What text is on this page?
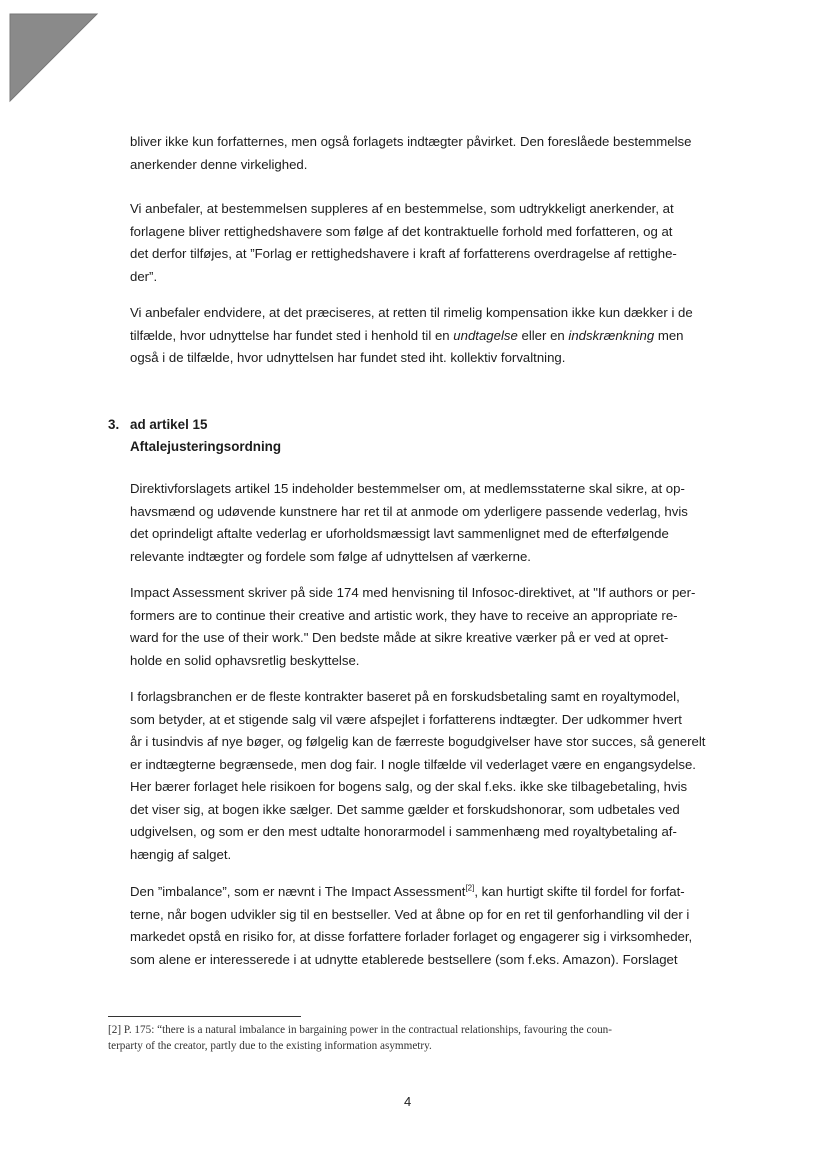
bliver ikke kun forfatternes, men også forlagets indtægter påvirket. Den foreslåede bestemmelse
anerkender denne virkelighed.
Vi anbefaler, at bestemmelsen suppleres af en bestemmelse, som udtrykkeligt anerkender, at
forlagene bliver rettighedshavere som følge af det kontraktuelle forhold med forfatteren, og at
det derfor tilføjes, at ”Forlag er rettighedshavere i kraft af forfatterens overdragelse af rettighe-
der”.
Vi anbefaler endvidere, at det præciseres, at retten til rimelig kompensation ikke kun dækker i de
tilfælde, hvor udnyttelse har fundet sted i henhold til en undtagelse eller en indskrænkning men
også i de tilfælde, hvor udnyttelsen har fundet sted iht. kollektiv forvaltning.
3. ad artikel 15
Aftalejusteringsordning
Direktivforslagets artikel 15 indeholder bestemmelser om, at medlemsstaterne skal sikre, at op-
havsmænd og udøvende kunstnere har ret til at anmode om yderligere passende vederlag, hvis
det oprindeligt aftalte vederlag er uforholdsmæssigt lavt sammenlignet med de efterfølgende
relevante indtægter og fordele som følge af udnyttelsen af værkerne.
Impact Assessment skriver på side 174 med henvisning til Infosoc-direktivet, at "If authors or per-
formers are to continue their creative and artistic work, they have to receive an appropriate re-
ward for the use of their work." Den bedste måde at sikre kreative værker på er ved at opret-
holde en solid ophavsretlig beskyttelse.
I forlagsbranchen er de fleste kontrakter baseret på en forskudsbetaling samt en royaltymodel,
som betyder, at et stigende salg vil være afspejlet i forfatterens indtægter. Der udkommer hvert
år i tusindvis af nye bøger, og følgelig kan de færreste bogudgivelser have stor succes, så generelt
er indtægterne begrænsede, men dog fair. I nogle tilfælde vil vederlaget være en engangsydelse.
Her bærer forlaget hele risikoen for bogens salg, og der skal f.eks. ikke ske tilbagebetaling, hvis
det viser sig, at bogen ikke sælger. Det samme gælder et forskudshonorar, som udbetales ved
udgivelsen, og som er den mest udtalte honorarmodel i sammenhæng med royaltybetaling af-
hængig af salget.
Den ”imbalance”, som er nævnt i The Impact Assessment[2], kan hurtigt skifte til fordel for forfat-
terne, når bogen udvikler sig til en bestseller. Ved at åbne op for en ret til genforhandling vil der i
markedet opstå en risiko for, at disse forfattere forlader forlaget og engagerer sig i virksomheder,
som alene er interesserede i at udnytte etablerede bestsellere (som f.eks. Amazon). Forslaget
[2] P. 175: “there is a natural imbalance in bargaining power in the contractual relationships, favouring the coun-
terparty of the creator, partly due to the existing information asymmetry.
4
